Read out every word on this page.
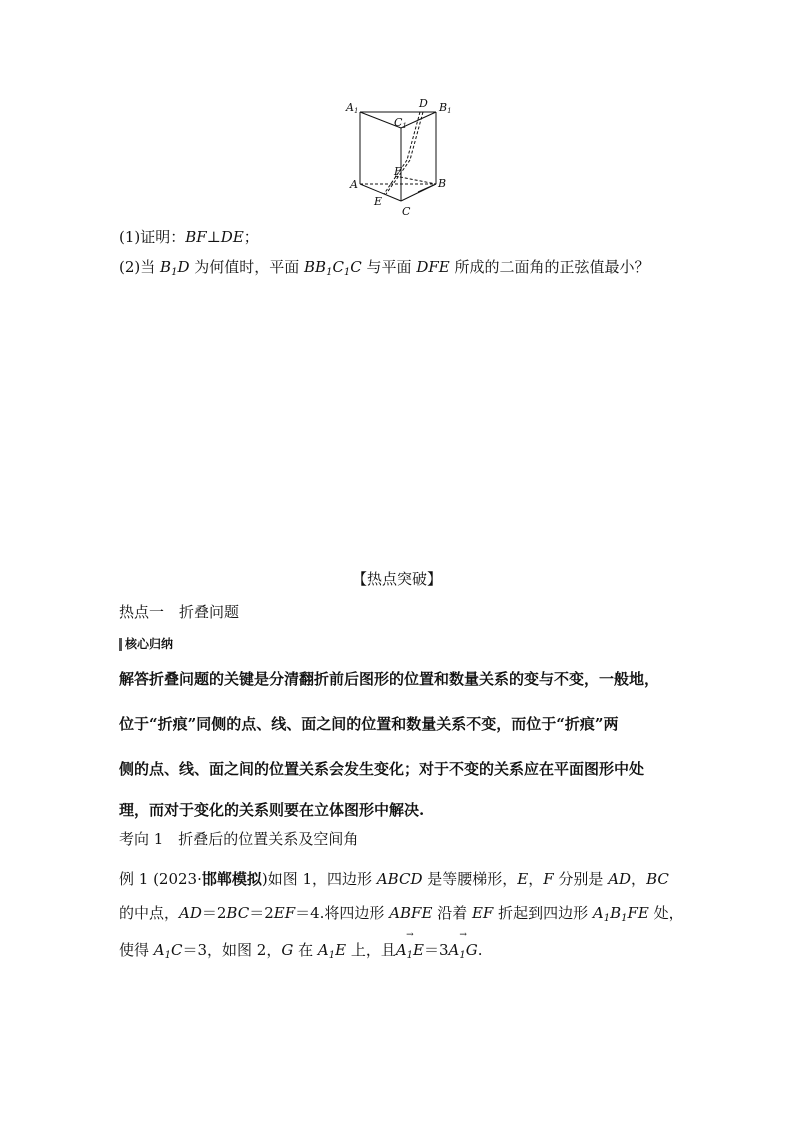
A1
D B1
C1
F
A	B
E
C
(1)证明：BF⊥DE；
(2)当 $B_1D$ 为何值时，平面 $BB_1C_1C$ 与平面 DFE 所成的二面角的正弦值最小？
【热点突破】
热点一　折叠问题
核心归纳
解答折叠问题的关键是分清翻折前后图形的位置和数量关系的变与不变，一般地，
位于“折痕”同侧的点、线、面之间的位置和数量关系不变，而位于“折痕”两
侧的点、线、面之间的位置关系会发生变化；对于不变的关系应在平面图形中处
理，而对于变化的关系则要在立体图形中解决.
考向 1　折叠后的位置关系及空间角
例 1 (2023·邯郸模拟)如图 1，四边形 ABCD 是等腰梯形，E，F 分别是 AD，BC
的中点，AD＝2BC＝2EF＝4.将四边形 ABFE 沿着 EF 折起到四边形 $A_1B_1FE$ 处，
使得 $A_1C=3$，如图 2，G 在 $A_1E$ 上，且
→
$A_1E=3$
→
$A_1G$.
